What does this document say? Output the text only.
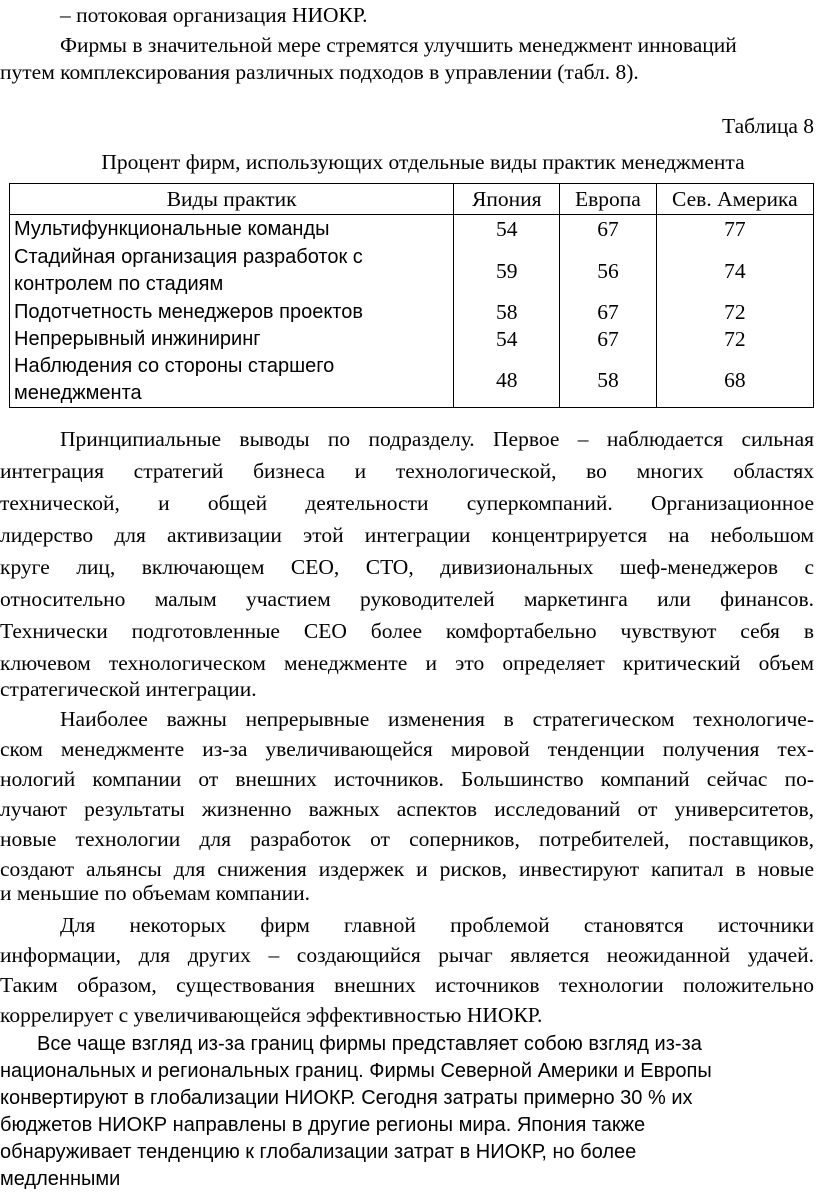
– потоковая организация НИОКР.
Фирмы в значительной мере стремятся улучшить менеджмент инноваций
путем комплексирования различных подходов в управлении (табл. 8).
Таблица 8
Процент фирм, использующих отдельные виды практик менеджмента
Виды практик	Япония	Европа	Сев. Америка
Мультифункциональные команды	54	67	77

Стадийная организация разработок с
контролем по стадиям	59	56	74
Подотчетность менеджеров проектов	58	67	72
Непрерывный инжиниринг	54	67	72

Наблюдения со стороны старшего
менеджмента	48	58	68
Принципиальные выводы по подразделу. Первое – наблюдается сильная
интеграция стратегий бизнеса и технологической, во многих областях
технической, и общей деятельности суперкомпаний. Организационное
лидерство для активизации этой интеграции концентрируется на небольшом
круге лиц, включающем CEO, CTO, дивизиональных шеф-менеджеров с
относительно малым участием руководителей маркетинга или финансов.
Технически подготовленные CEO более комфортабельно чувствуют себя в
ключевом технологическом менеджменте и это определяет критический объем
стратегической интеграции.
Наиболее важны непрерывные изменения в стратегическом технологиче-
ском менеджменте из-за увеличивающейся мировой тенденции получения тех-
нологий компании от внешних источников. Большинство компаний сейчас по-
лучают результаты жизненно важных аспектов исследований от университетов,
новые технологии для разработок от соперников, потребителей, поставщиков,
создают альянсы для снижения издержек и рисков, инвестируют капитал в новые
и меньшие по объемам компании.
Для некоторых фирм главной проблемой становятся источники
информации, для других – создающийся рычаг является неожиданной удачей.
Таким образом, существования внешних источников технологии положительно
коррелирует с увеличивающейся эффективностью НИОКР.
Все чаще взгляд из-за границ фирмы представляет собою взгляд из-за
национальных и региональных границ. Фирмы Северной Америки и Европы
конвертируют в глобализации НИОКР. Сегодня затраты примерно 30 % их
бюджетов НИОКР направлены в другие регионы мира. Япония также
обнаруживает тенденцию к глобализации затрат в НИОКР, но более
медленными
